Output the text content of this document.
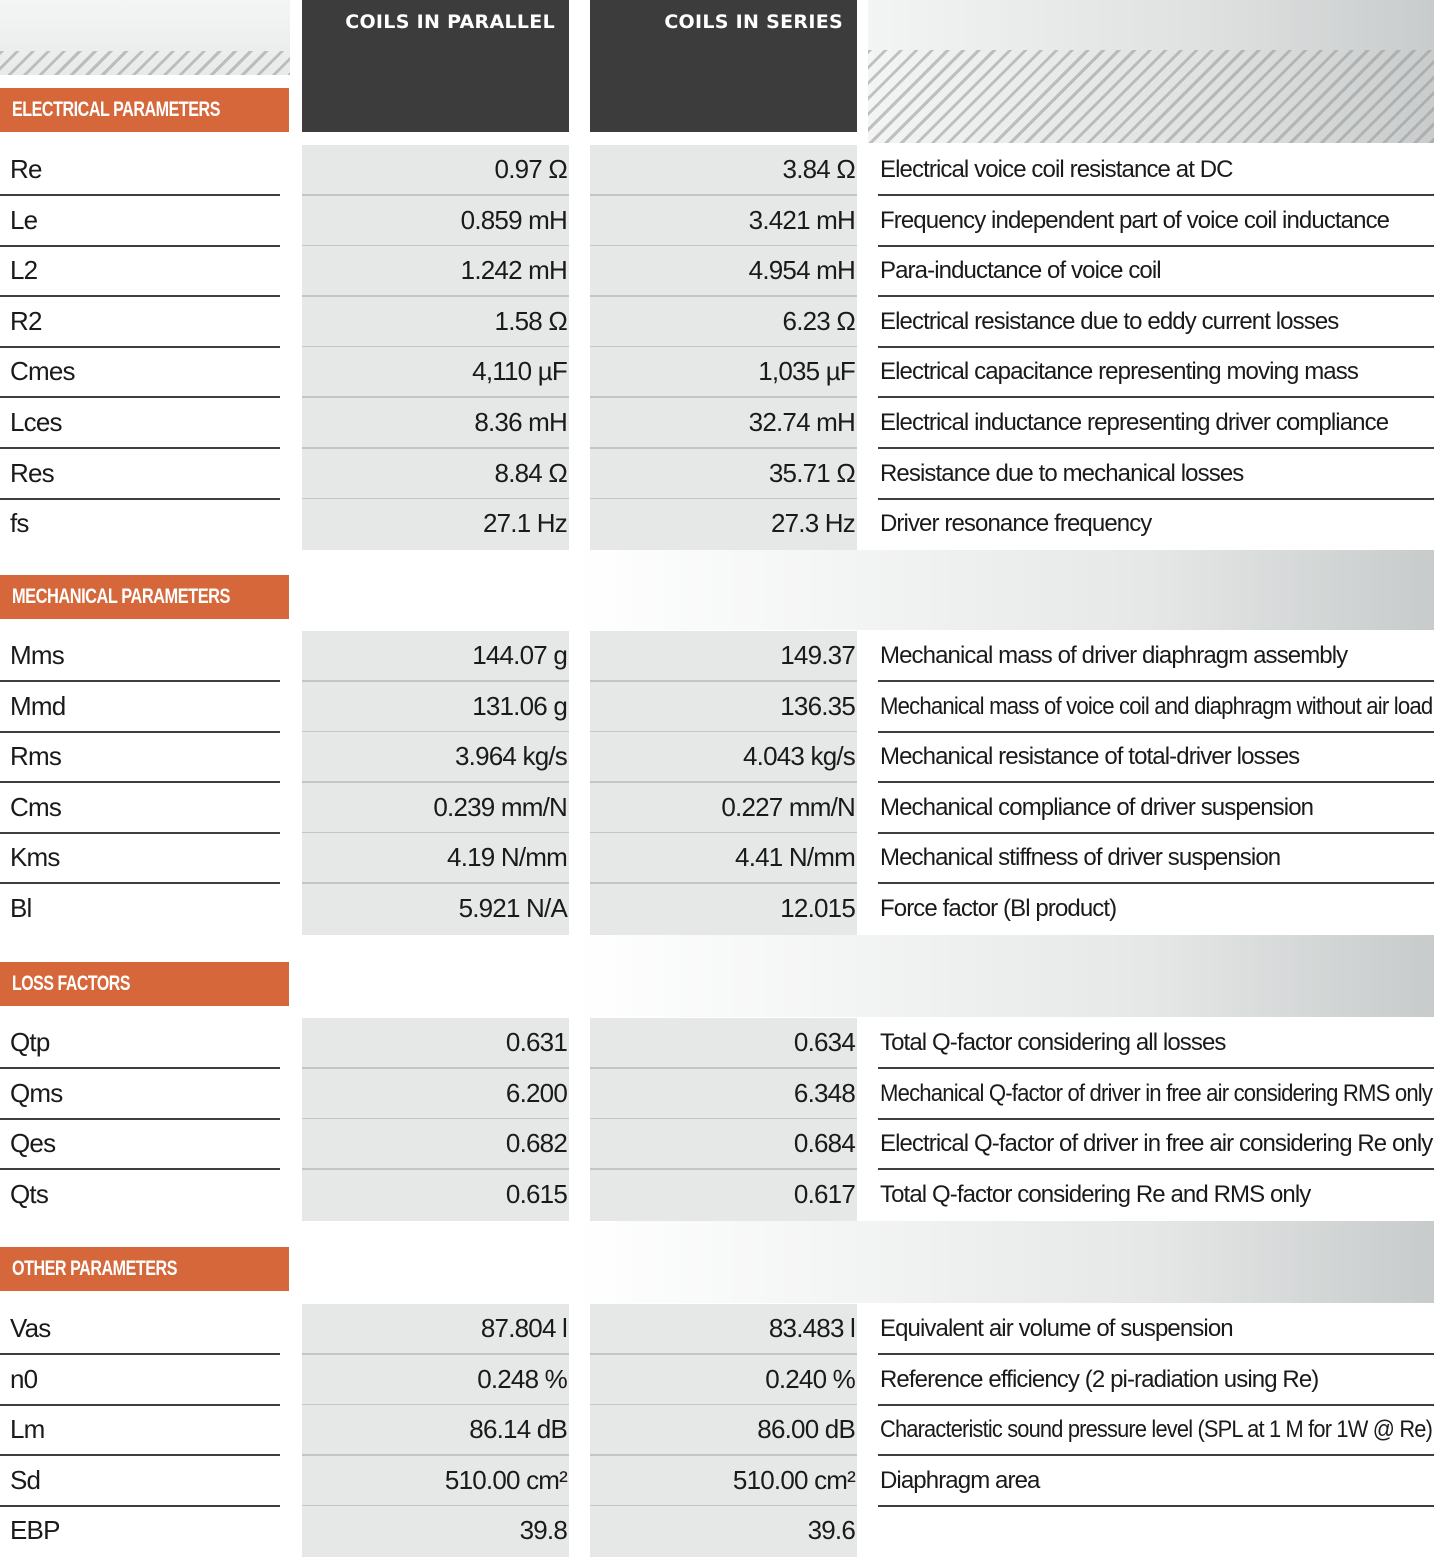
COILS IN PARALLEL	COILS IN SERIES
ELECTRICAL PARAMETERS
Re	0.97 Ω	3.84 Ω Electrical voice coil resistance at DC
Le	0.859 mH	3.421 mH Frequency independent part of voice coil inductance
L2	1.242 mH	4.954 mH Para-inductance of voice coil
R2	1.58 Ω	6.23 Ω Electrical resistance due to eddy current losses
Cmes	4,110 µF	1,035 µF Electrical capacitance representing moving mass
Lces	8.36 mH	32.74 mH Electrical inductance representing driver compliance
Res	8.84 Ω	35.71 Ω Resistance due to mechanical losses
fs	27.1 Hz	27.3 Hz Driver resonance frequency
MECHANICAL PARAMETERS
Mms	144.07 g	149.37 Mechanical mass of driver diaphragm assembly
Mmd	131.06 g	136.35 Mechanical mass of voice coil and diaphragm without air load
Rms	3.964 kg/s	4.043 kg/s Mechanical resistance of total-driver losses
Cms	0.239 mm/N	0.227 mm/N Mechanical compliance of driver suspension
Kms	4.19 N/mm	4.41 N/mm Mechanical stiffness of driver suspension
Bl	5.921 N/A	12.015 Force factor (Bl product)
LOSS FACTORS
Qtp	0.631	0.634 Total Q-factor considering all losses
Qms	6.200	6.348 Mechanical Q-factor of driver in free air considering RMS only
Qes	0.682	0.684 Electrical Q-factor of driver in free air considering Re only
Qts	0.615	0.617 Total Q-factor considering Re and RMS only
OTHER PARAMETERS
Vas	87.804 l	83.483 l Equivalent air volume of suspension
n0	0.248 %	0.240 % Reference efficiency (2 pi-radiation using Re)
Lm	86.14 dB	86.00 dB Characteristic sound pressure level (SPL at 1 M for 1W @ Re)
Sd	510.00 cm²	510.00 cm² Diaphragm area
EBP	39.8	39.6
